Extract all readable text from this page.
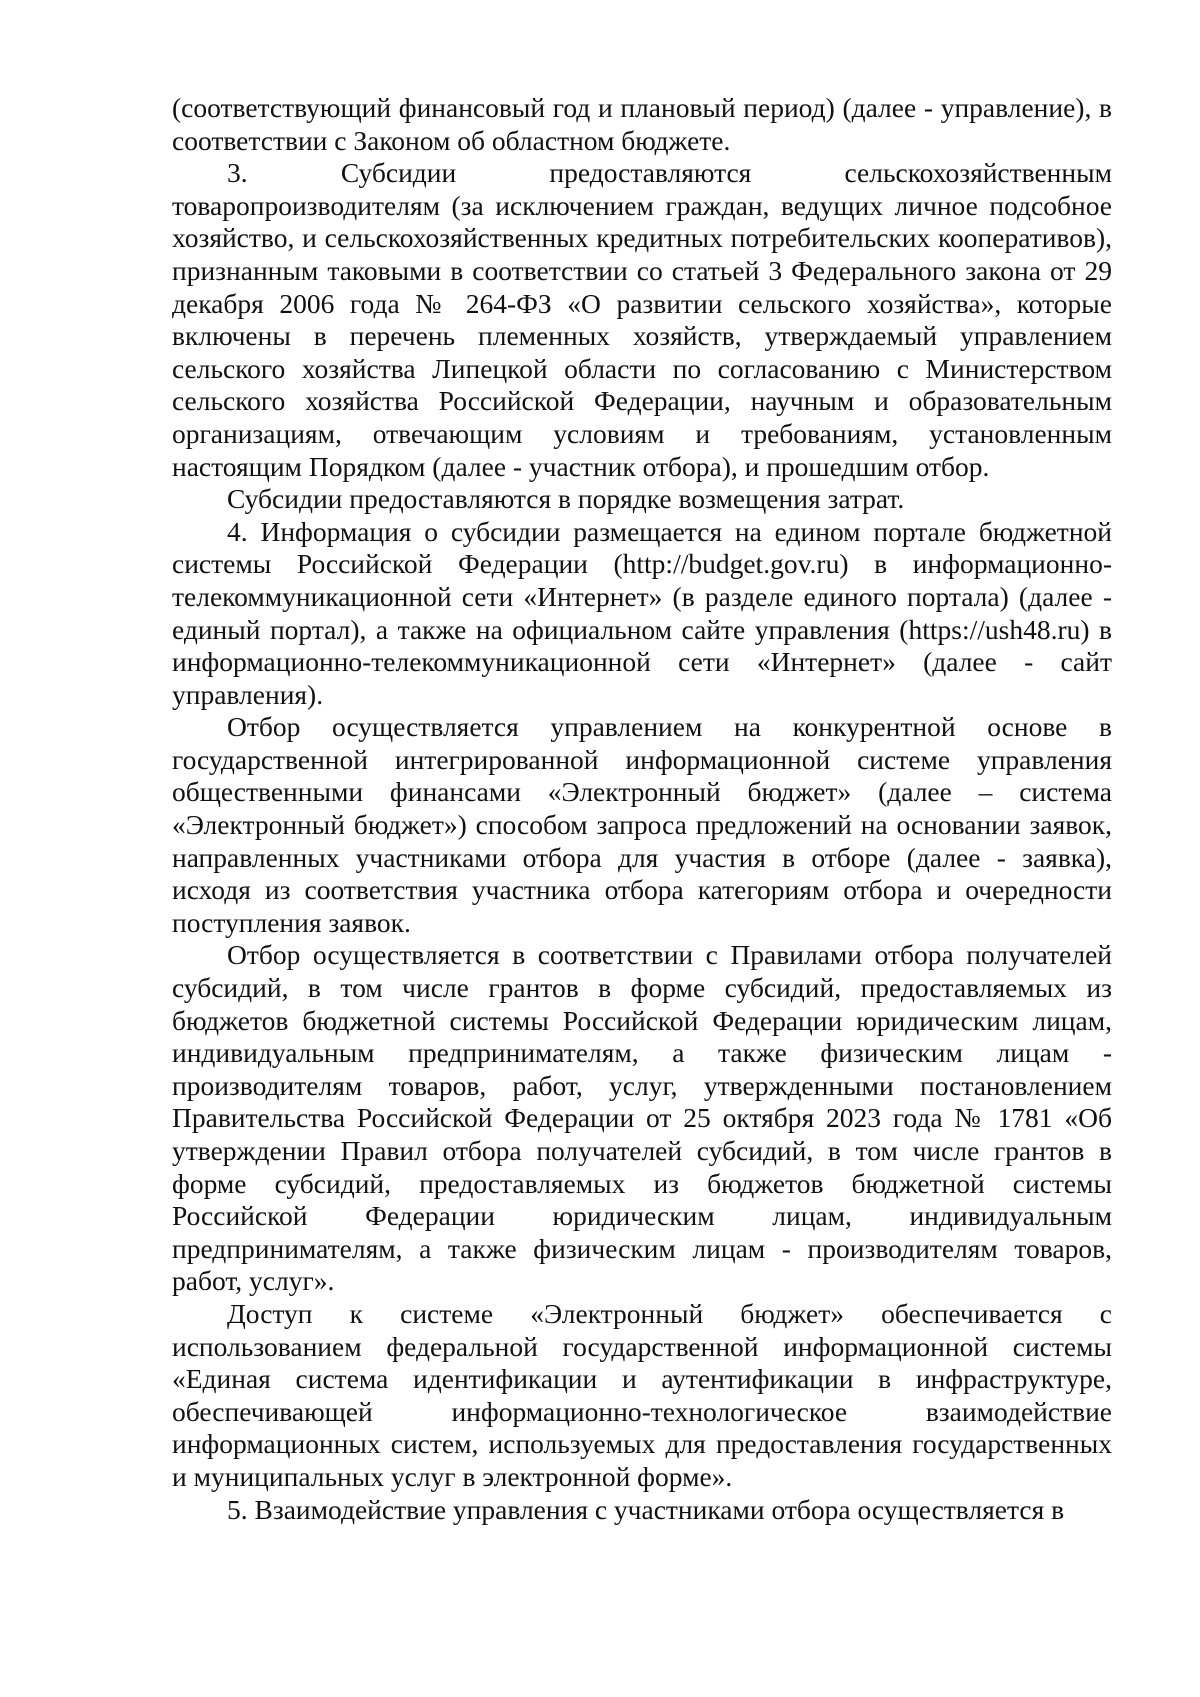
(соответствующий финансовый год и плановый период) (далее - управление), в соответствии с Законом об областном бюджете.

3. Субсидии предоставляются сельскохозяйственным товаропроизводителям (за исключением граждан, ведущих личное подсобное хозяйство, и сельскохозяйственных кредитных потребительских кооперативов), признанным таковыми в соответствии со статьей 3 Федерального закона от 29 декабря 2006 года № 264-ФЗ «О развитии сельского хозяйства», которые включены в перечень племенных хозяйств, утверждаемый управлением сельского хозяйства Липецкой области по согласованию с Министерством сельского хозяйства Российской Федерации, научным и образовательным организациям, отвечающим условиям и требованиям, установленным настоящим Порядком (далее - участник отбора), и прошедшим отбор.

Субсидии предоставляются в порядке возмещения затрат.

4. Информация о субсидии размещается на едином портале бюджетной системы Российской Федерации (http://budget.gov.ru) в информационно-телекоммуникационной сети «Интернет» (в разделе единого портала) (далее - единый портал), а также на официальном сайте управления (https://ush48.ru) в информационно-телекоммуникационной сети «Интернет» (далее - сайт управления).

Отбор осуществляется управлением на конкурентной основе в государственной интегрированной информационной системе управления общественными финансами «Электронный бюджет» (далее – система «Электронный бюджет») способом запроса предложений на основании заявок, направленных участниками отбора для участия в отборе (далее - заявка), исходя из соответствия участника отбора категориям отбора и очередности поступления заявок.

Отбор осуществляется в соответствии с Правилами отбора получателей субсидий, в том числе грантов в форме субсидий, предоставляемых из бюджетов бюджетной системы Российской Федерации юридическим лицам, индивидуальным предпринимателям, а также физическим лицам - производителям товаров, работ, услуг, утвержденными постановлением Правительства Российской Федерации от 25 октября 2023 года № 1781 «Об утверждении Правил отбора получателей субсидий, в том числе грантов в форме субсидий, предоставляемых из бюджетов бюджетной системы Российской Федерации юридическим лицам, индивидуальным предпринимателям, а также физическим лицам - производителям товаров, работ, услуг».

Доступ к системе «Электронный бюджет» обеспечивается с использованием федеральной государственной информационной системы «Единая система идентификации и аутентификации в инфраструктуре, обеспечивающей информационно-технологическое взаимодействие информационных систем, используемых для предоставления государственных и муниципальных услуг в электронной форме».

5. Взаимодействие управления с участниками отбора осуществляется в
